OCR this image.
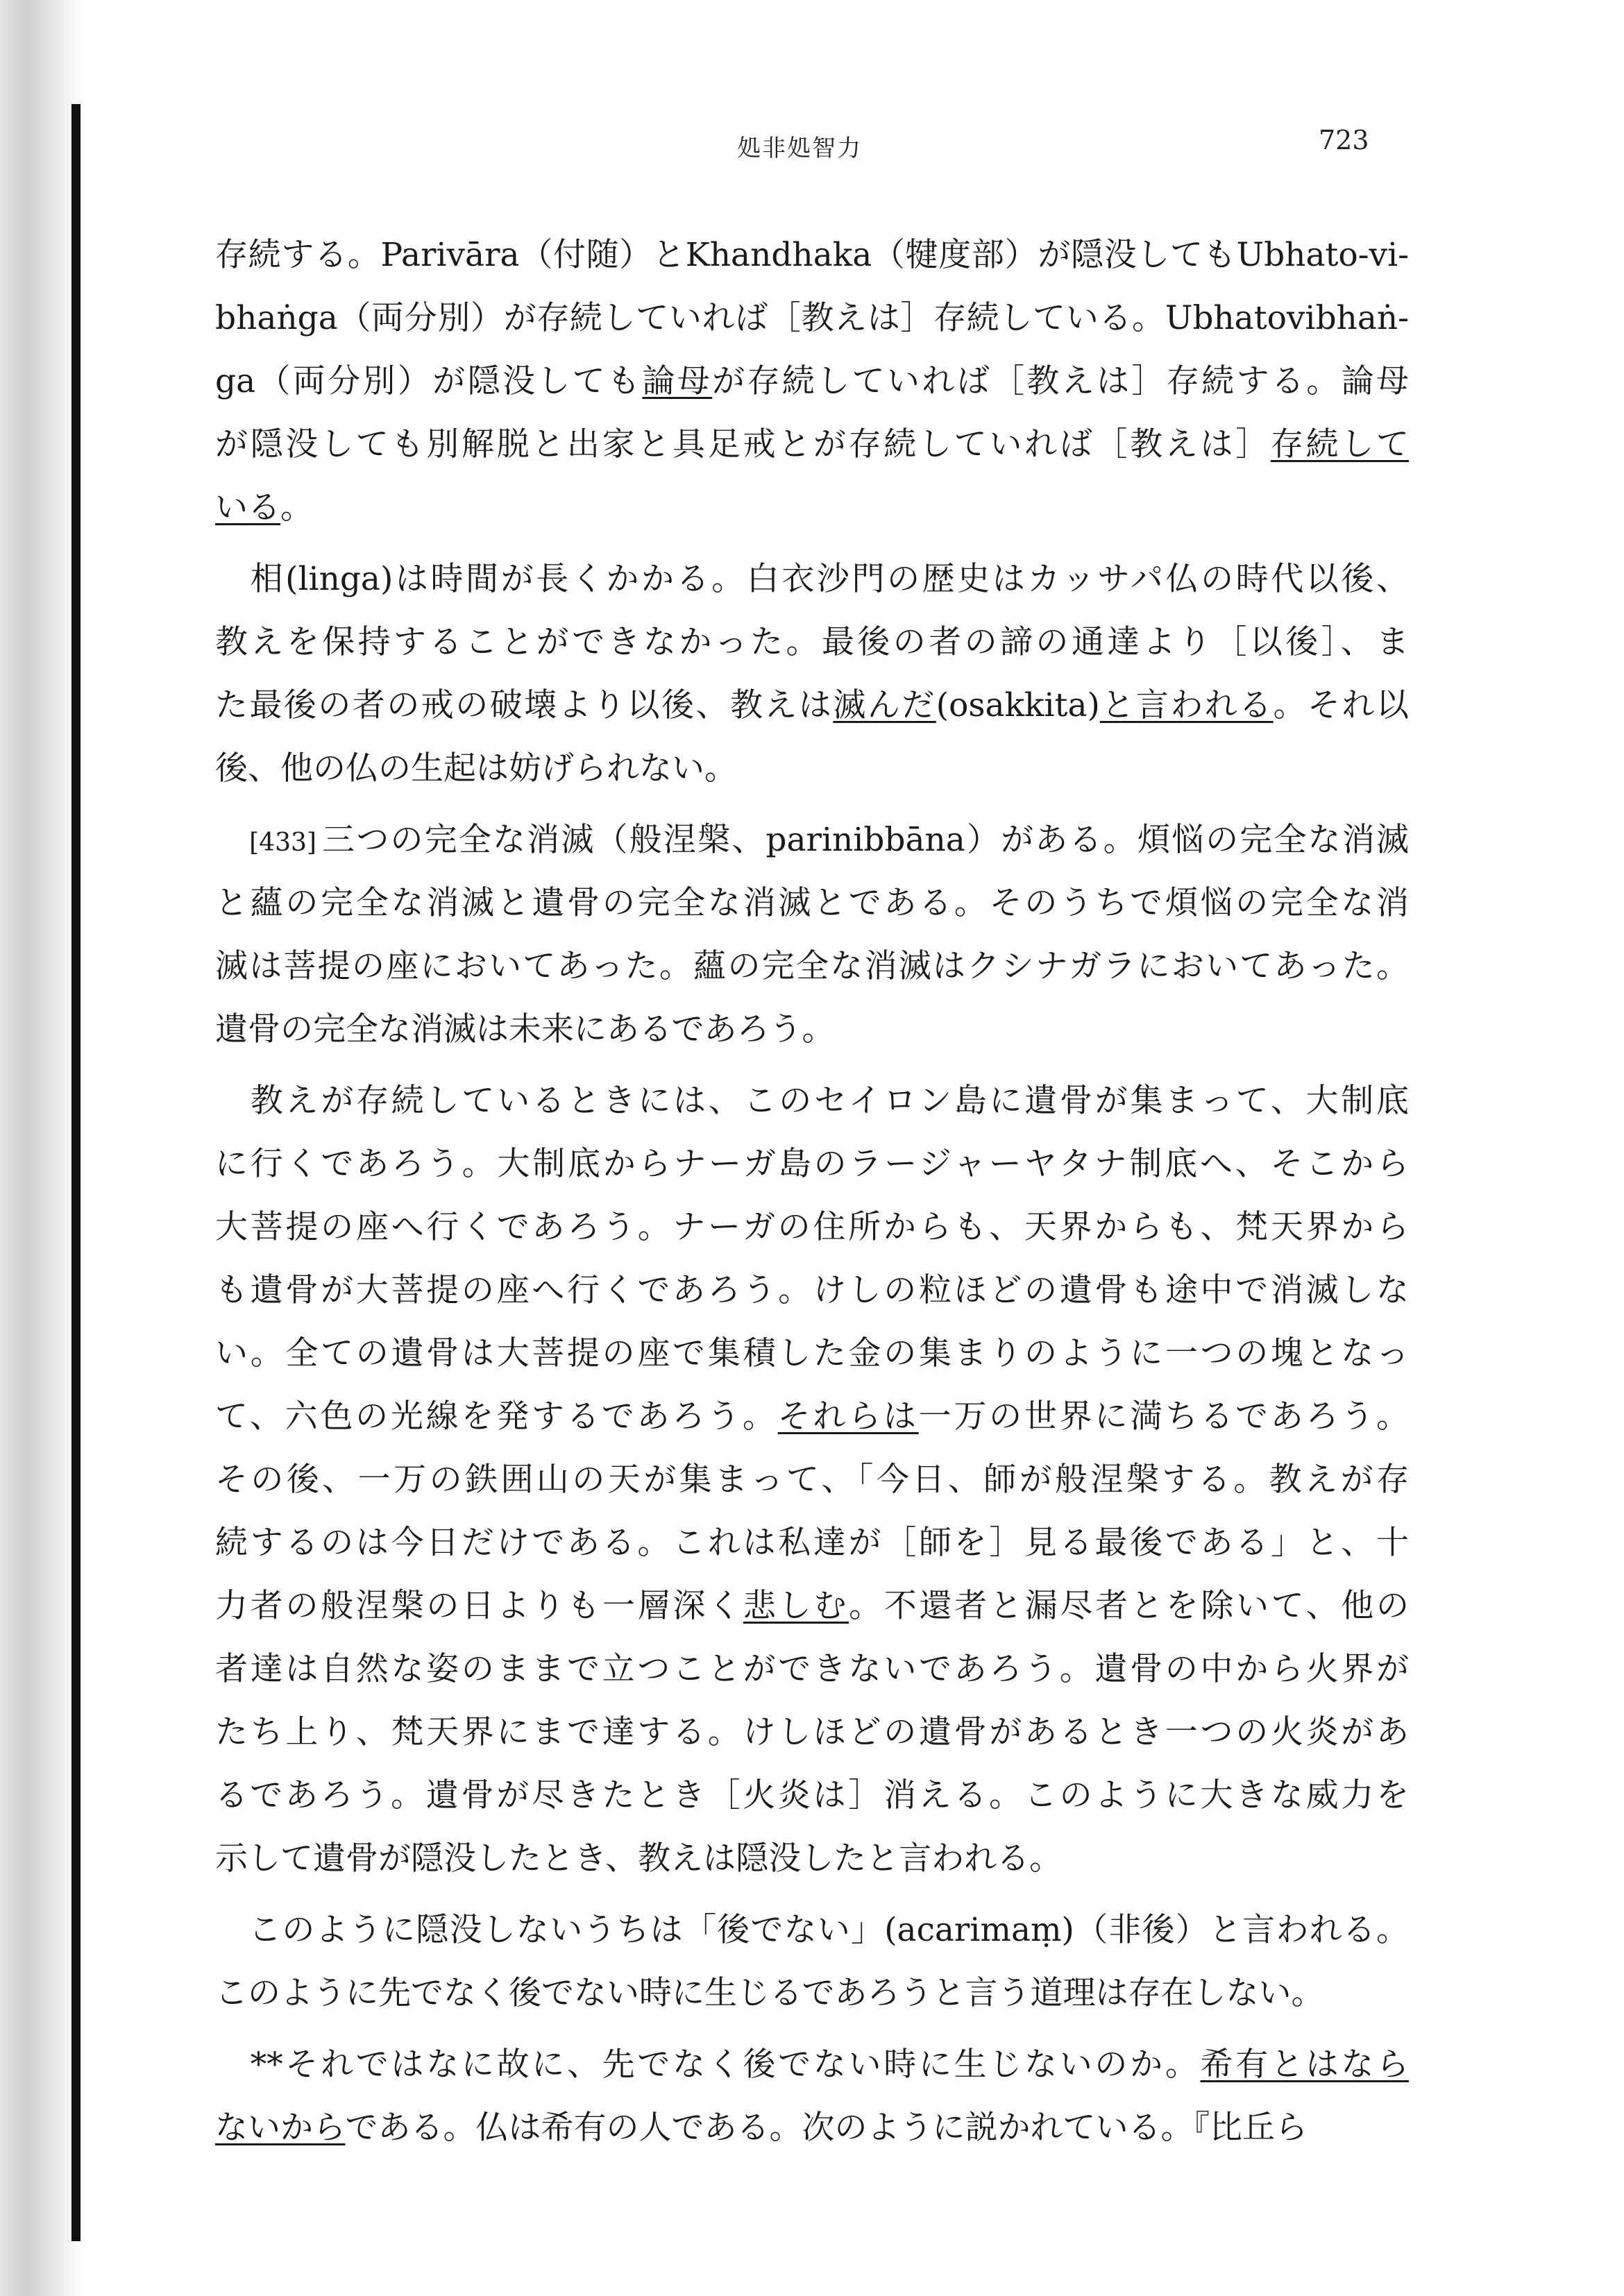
処非処智力	723
存続する。Parivāra（付随）とKhandhaka（犍度部）が隠没してもUbhato-vi-
bhaṅga（両分別）が存続していれば［教えは］存続している。Ubhatovibhaṅ-
ga（両分別）が隠没しても論母が存続していれば［教えは］存続する。論母
が隠没しても別解脱と出家と具足戒とが存続していれば［教えは］存続して
いる。
　相(linga)は時間が長くかかる。白衣沙門の歴史はカッサパ仏の時代以後、
教えを保持することができなかった。最後の者の諦の通達より［以後］、ま
た最後の者の戒の破壊より以後、教えは滅んだ(osakkita)と言われる。それ以
後、他の仏の生起は妨げられない。
　[433] 三つの完全な消滅（般涅槃、parinibbāna）がある。煩悩の完全な消滅
と蘊の完全な消滅と遺骨の完全な消滅とである。そのうちで煩悩の完全な消
滅は菩提の座においてあった。蘊の完全な消滅はクシナガラにおいてあった。
遺骨の完全な消滅は未来にあるであろう。
　教えが存続しているときには、このセイロン島に遺骨が集まって、大制底
に行くであろう。大制底からナーガ島のラージャーヤタナ制底へ、そこから
大菩提の座へ行くであろう。ナーガの住所からも、天界からも、梵天界から
も遺骨が大菩提の座へ行くであろう。けしの粒ほどの遺骨も途中で消滅しな
い。全ての遺骨は大菩提の座で集積した金の集まりのように一つの塊となっ
て、六色の光線を発するであろう。それらは一万の世界に満ちるであろう。
その後、一万の鉄囲山の天が集まって、「今日、師が般涅槃する。教えが存
続するのは今日だけである。これは私達が［師を］見る最後である」と、十
力者の般涅槃の日よりも一層深く悲しむ。不還者と漏尽者とを除いて、他の
者達は自然な姿のままで立つことができないであろう。遺骨の中から火界が
たち上り、梵天界にまで達する。けしほどの遺骨があるとき一つの火炎があ
るであろう。遺骨が尽きたとき［火炎は］消える。このように大きな威力を
示して遺骨が隠没したとき、教えは隠没したと言われる。
　このように隠没しないうちは「後でない」(acarimaṃ)（非後）と言われる。
このように先でなく後でない時に生じるであろうと言う道理は存在しない。
　**それではなに故に、先でなく後でない時に生じないのか。希有とはなら
ないからである。仏は希有の人である。次のように説かれている。『比丘ら
